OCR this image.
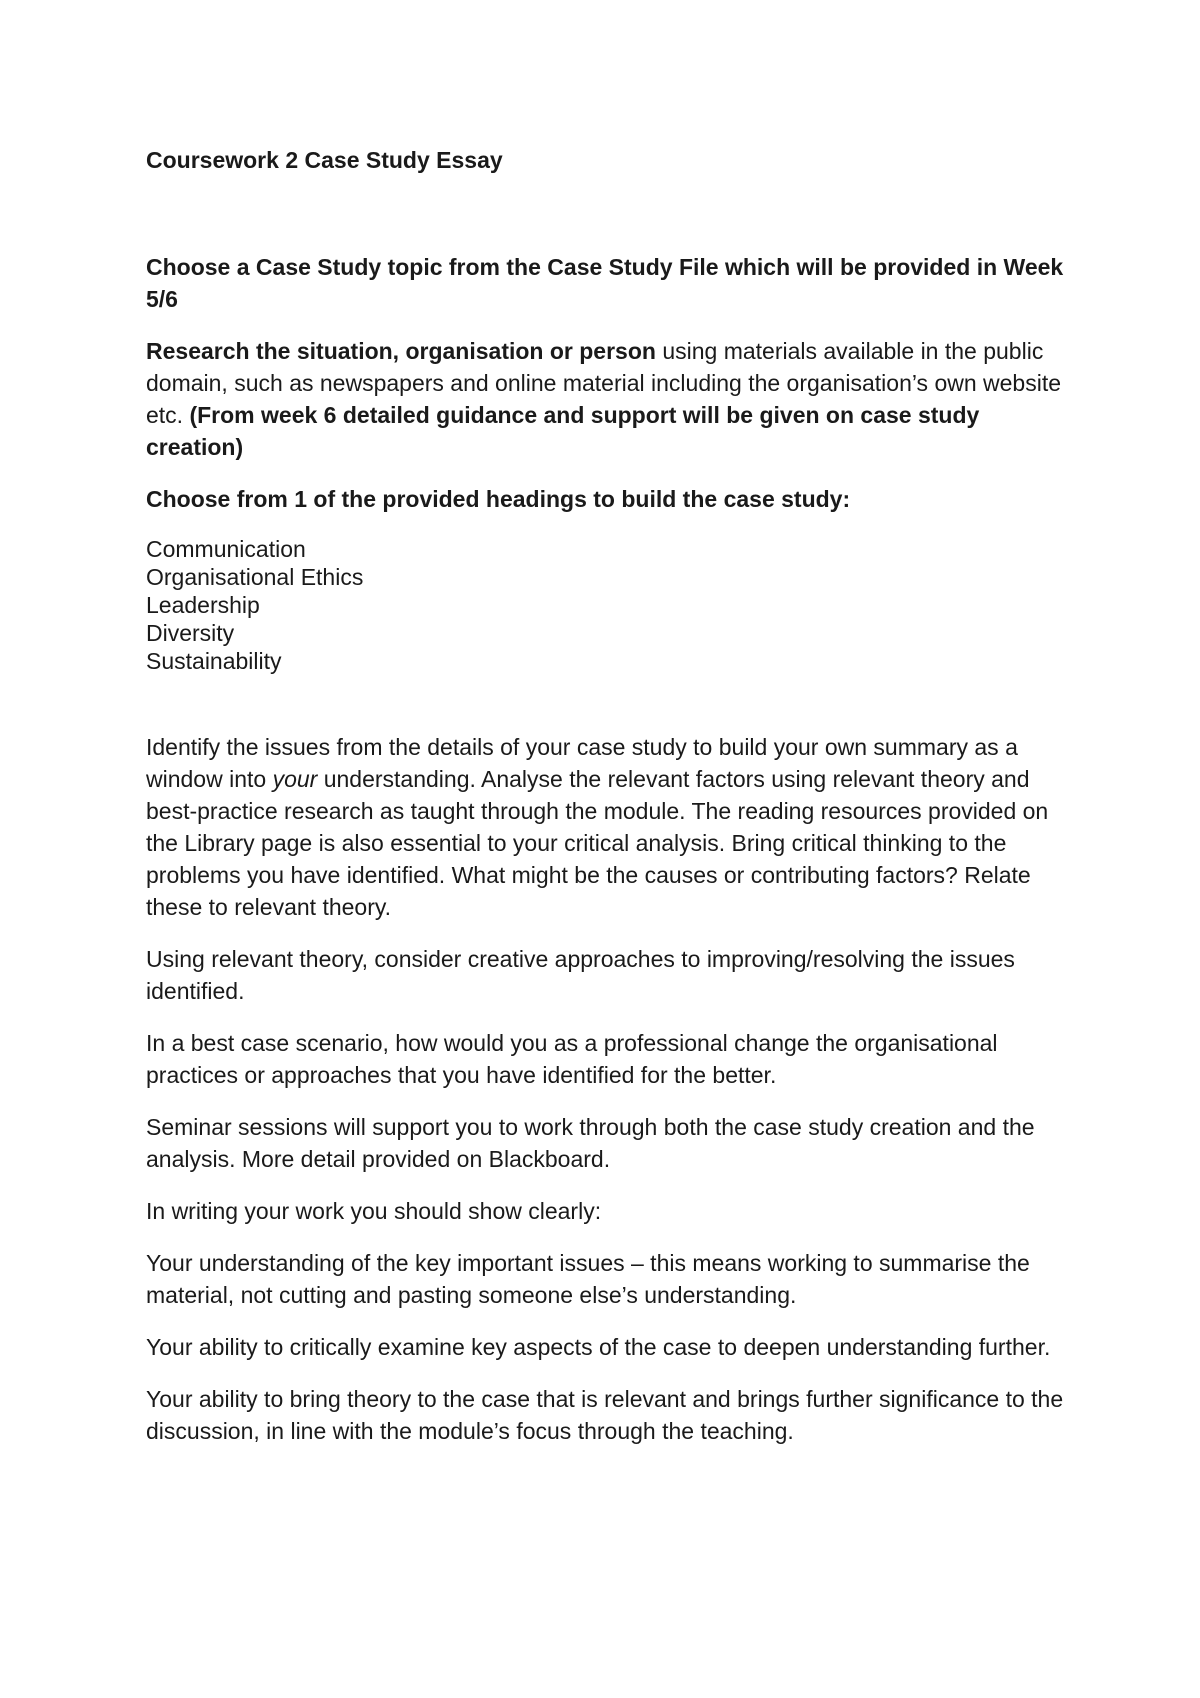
Coursework 2 Case Study Essay

Choose a Case Study topic from the Case Study File which will be provided in Week 5/6

Research the situation, organisation or person using materials available in the public domain, such as newspapers and online material including the organisation’s own website etc. (From week 6 detailed guidance and support will be given on case study creation)

Choose from 1 of the provided headings to build the case study:

Communication
Organisational Ethics
Leadership
Diversity
Sustainability

Identify the issues from the details of your case study to build your own summary as a window into your understanding. Analyse the relevant factors using relevant theory and best-practice research as taught through the module. The reading resources provided on the Library page is also essential to your critical analysis. Bring critical thinking to the problems you have identified. What might be the causes or contributing factors? Relate these to relevant theory.

Using relevant theory, consider creative approaches to improving/resolving the issues identified.

In a best case scenario, how would you as a professional change the organisational practices or approaches that you have identified for the better.

Seminar sessions will support you to work through both the case study creation and the analysis. More detail provided on Blackboard.

In writing your work you should show clearly:

Your understanding of the key important issues – this means working to summarise the material, not cutting and pasting someone else’s understanding.

Your ability to critically examine key aspects of the case to deepen understanding further.

Your ability to bring theory to the case that is relevant and brings further significance to the discussion, in line with the module’s focus through the teaching.
